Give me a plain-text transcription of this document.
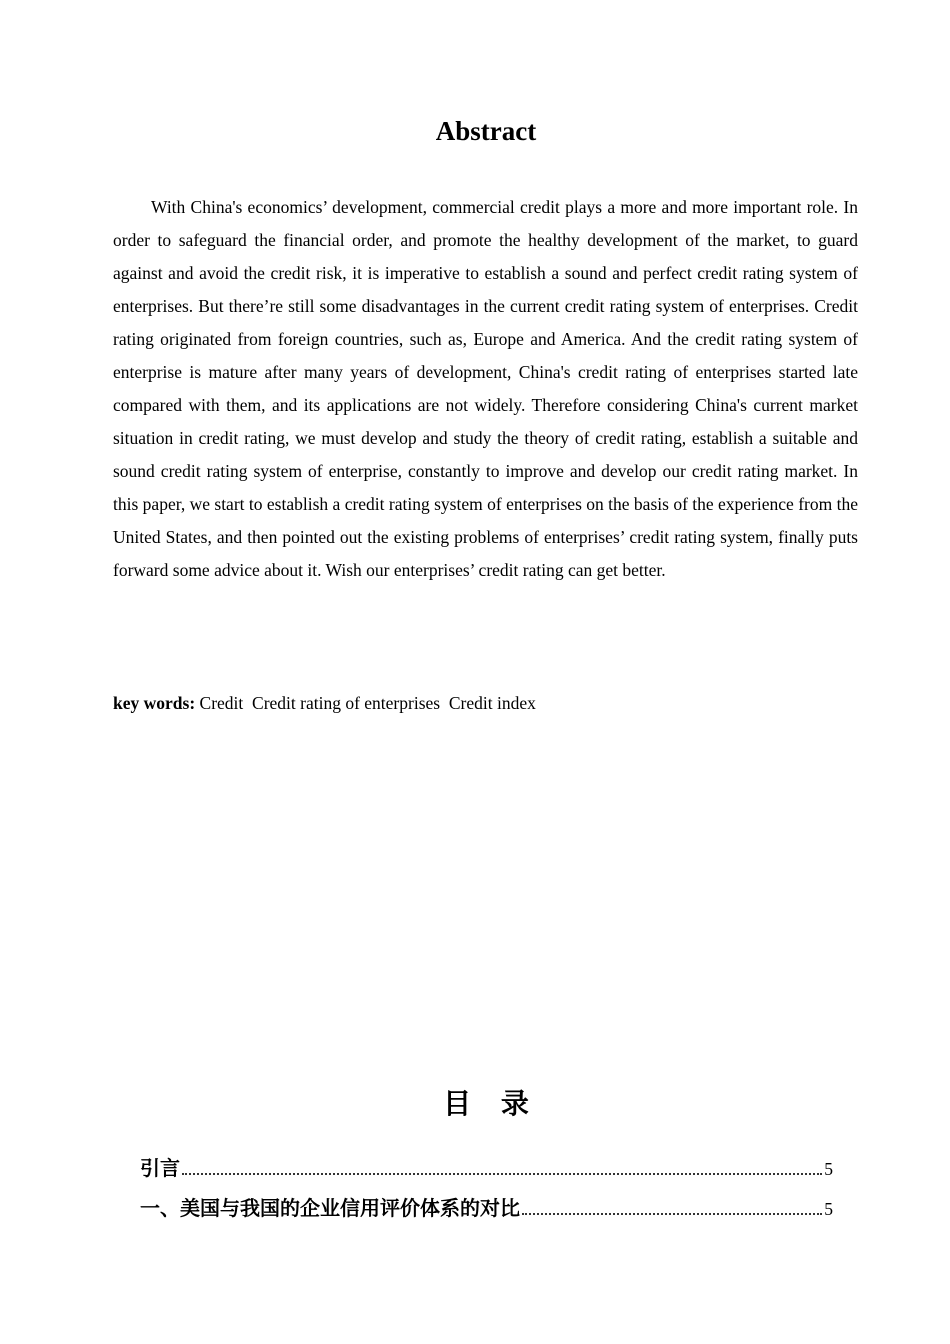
Abstract

With China's economics’ development, commercial credit plays a more and more important role. In order to safeguard the financial order, and promote the healthy development of the market, to guard against and avoid the credit risk, it is imperative to establish a sound and perfect credit rating system of enterprises. But there’re still some disadvantages in the current credit rating system of enterprises. Credit rating originated from foreign countries, such as, Europe and America. And the credit rating system of enterprise is mature after many years of development, China's credit rating of enterprises started late compared with them, and its applications are not widely. Therefore considering China's current market situation in credit rating, we must develop and study the theory of credit rating, establish a suitable and sound credit rating system of enterprise, constantly to improve and develop our credit rating market. In this paper, we start to establish a credit rating system of enterprises on the basis of the experience from the United States, and then pointed out the existing problems of enterprises’ credit rating system, finally puts forward some advice about it. Wish our enterprises’ credit rating can get better.

key words: Credit  Credit rating of enterprises  Credit index
目 录
引言	5
一、美国与我国的企业信用评价体系的对比	5
